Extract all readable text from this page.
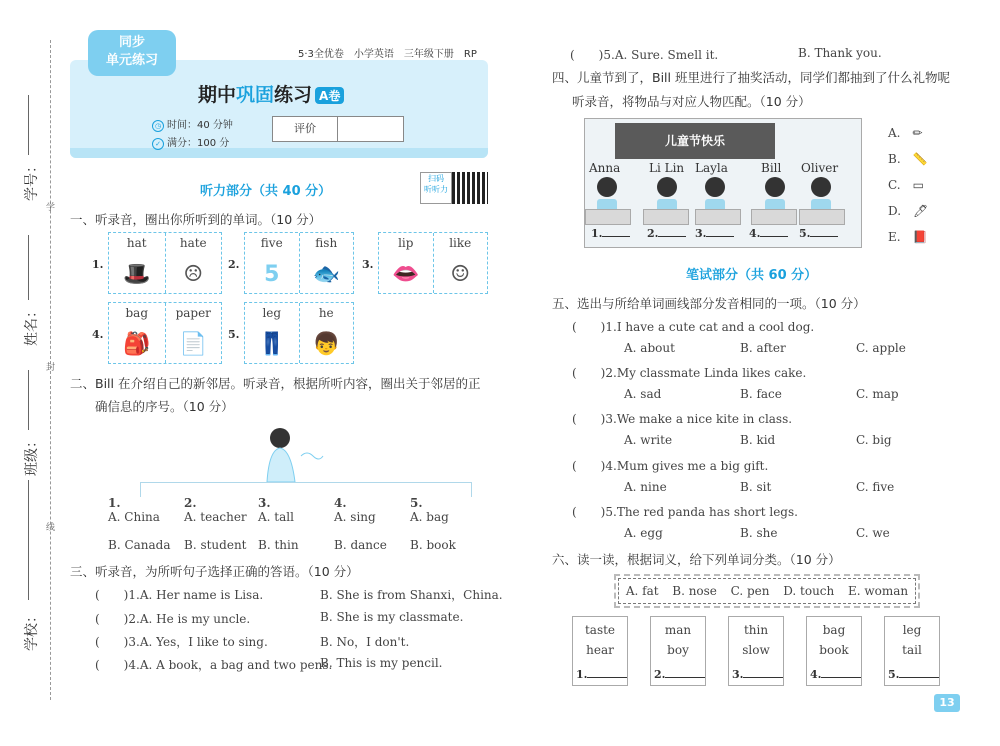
学号：
姓名：
班级：
学校：
学
封
线
同步
单元练习	5·3全优卷　小学英语　三年级下册　RP
期中巩固练习 A卷
◷ 时间：40 分钟
✓ 满分：100 分
评价
听力部分（共 40 分）
扫码
听听力
一、听录音，圈出你所听到的单词。（10 分）
1.
hat
🎩
hate
☹ 2.
five
5
fish
🐟 3.
lip
👄
like
☺
4.
bag
🎒
paper
📄 5.
leg
👖
he
👦
二、Bill 在介绍自己的新邻居。听录音，根据所听内容，圈出关于邻居的正
确信息的序号。（10 分）
1.
A. China

B. Canada
2.
A. teacher

B. student
3.
A. tall

B. thin
4.
A. sing

B. dance
5.
A. bag

B. book
三、听录音，为所听句子选择正确的答语。（10 分）
(　　)1.A. Her name is Lisa.	B. She is from Shanxi，China.
(　　)2.A. He is my uncle.	B. She is my classmate.
(　　)3.A. Yes，I like to sing.	B. No，I don't.
(　　)4.A. A book，a bag and two pens.
B. This is my pencil.
(　　)5.A. Sure. Smell it.	B. Thank you.
四、儿童节到了，Bill 班里进行了抽奖活动，同学们都抽到了什么礼物呢
听录音，将物品与对应人物匹配。（10 分）
儿童节快乐
Anna Li Lin Layla	Bill Oliver
1.	2.	3.	4.	5.
A.　 ✏
B.　 📏
C.　 ▭
D.　 🖊
E.　 📕
笔试部分（共 60 分）
五、选出与所给单词画线部分发音相同的一项。（10 分）
(　　)1.I have a cute cat and a cool dog.
A. about	B. after	C. apple
(　　)2.My classmate Linda likes cake.
A. sad	B. face	C. map
(　　)3.We make a nice kite in class.
A. write	B. kid	C. big
(　　)4.Mum gives me a big gift.
A. nine	B. sit	C. five
(　　)5.The red panda has short legs.
A. egg	B. she	C. we
六、读一读，根据词义，给下列单词分类。（10 分）
A. fat B. nose C. pen D. touch E. woman
taste
hear
man
boy
thin
slow
bag
book
leg
tail
1.	2.	3.	4.	5.
13
